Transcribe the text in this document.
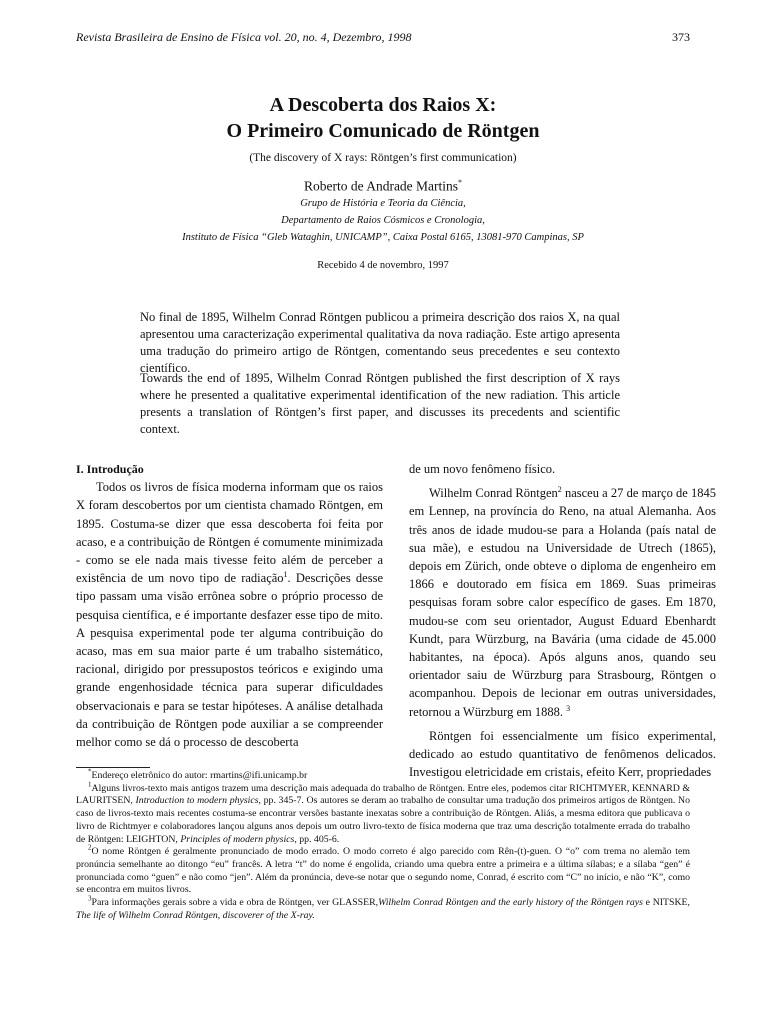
Revista Brasileira de Ensino de Física vol. 20, no. 4, Dezembro, 1998	373
A Descoberta dos Raios X:
O Primeiro Comunicado de Röntgen
(The discovery of X rays: Röntgen’s first communication)
Roberto de Andrade Martins*
Grupo de História e Teoria da Ciência,
Departamento de Raios Cósmicos e Cronologia,
Instituto de Física “Gleb Wataghin, UNICAMP”, Caixa Postal 6165, 13081-970 Campinas, SP
Recebido 4 de novembro, 1997

No final de 1895, Wilhelm Conrad Röntgen publicou a primeira descrição dos raios X, na qual apresentou uma caracterização experimental qualitativa da nova radiação. Este artigo apresenta uma tradução do primeiro artigo de Röntgen, comentando seus precedentes e seu contexto científico.

Towards the end of 1895, Wilhelm Conrad Röntgen published the first description of X rays where he presented a qualitative experimental identification of the new radiation. This article presents a translation of Röntgen’s first paper, and discusses its precedents and scientific context.

I. Introdução

Todos os livros de física moderna informam que os raios X foram descobertos por um cientista chamado Röntgen, em 1895. Costuma-se dizer que essa descoberta foi feita por acaso, e a contribuição de Röntgen é comumente minimizada - como se ele nada mais tivesse feito além de perceber a existência de um novo tipo de radiação$^1$. Descrições desse tipo passam uma visão errônea sobre o próprio processo de pesquisa científica, e é importante desfazer esse tipo de mito. A pesquisa experimental pode ter alguma contribuição do acaso, mas em sua maior parte é um trabalho sistemático, racional, dirigido por pressupostos teóricos e exigindo uma grande engenhosidade técnica para superar dificuldades observacionais e para se testar hipóteses. A análise detalhada da contribuição de Röntgen pode auxiliar a se compreender melhor como se dá o processo de descoberta

de um novo fenômeno físico.

Wilhelm Conrad Röntgen$^2$ nasceu a 27 de março de 1845 em Lennep, na província do Reno, na atual Alemanha. Aos três anos de idade mudou-se para a Holanda (país natal de sua mãe), e estudou na Universidade de Utrech (1865), depois em Zürich, onde obteve o diploma de engenheiro em 1866 e doutorado em física em 1869. Suas primeiras pesquisas foram sobre calor específico de gases. Em 1870, mudou-se com seu orientador, August Eduard Ebenhardt Kundt, para Würzburg, na Bavária (uma cidade de 45.000 habitantes, na época). Após alguns anos, quando seu orientador saiu de Würzburg para Strasbourg, Röntgen o acompanhou. Depois de lecionar em outras universidades, retornou a Würzburg em 1888. $^3$

Röntgen foi essencialmente um físico experimental, dedicado ao estudo quantitativo de fenômenos delicados. Investigou eletricidade em cristais, efeito Kerr, propriedades

*Endereço eletrônico do autor: rmartins@ifi.unicamp.br

$^1$Alguns livros-texto mais antigos trazem uma descrição mais adequada do trabalho de Röntgen. Entre eles, podemos citar RICHTMYER, KENNARD & LAURITSEN, Introduction to modern physics, pp. 345-7. Os autores se deram ao trabalho de consultar uma tradução dos primeiros artigos de Röntgen. No caso de livros-texto mais recentes costuma-se encontrar versões bastante inexatas sobre a contribuição de Röntgen. Aliás, a mesma editora que publicava o livro de Richtmyer e colaboradores lançou alguns anos depois um outro livro-texto de física moderna que traz uma descrição totalmente errada do trabalho de Röntgen: LEIGHTON, Principles of modern physics, pp. 405-6.

$^2$O nome Röntgen é geralmente pronunciado de modo errado. O modo correto é algo parecido com Rên-(t)-guen. O “o” com trema no alemão tem pronúncia semelhante ao ditongo “eu” francês. A letra “t” do nome é engolida, criando uma quebra entre a primeira e a última sílabas; e a sílaba “gen” é pronunciada como “guen” e não como “jen”. Além da pronúncia, deve-se notar que o segundo nome, Conrad, é escrito com “C” no início, e não “K”, como se encontra em muitos livros.

$^3$Para informações gerais sobre a vida e obra de Röntgen, ver GLASSER,Wilhelm Conrad Röntgen and the early history of the Röntgen rays e NITSKE, The life of Wilhelm Conrad Röntgen, discoverer of the X-ray.
